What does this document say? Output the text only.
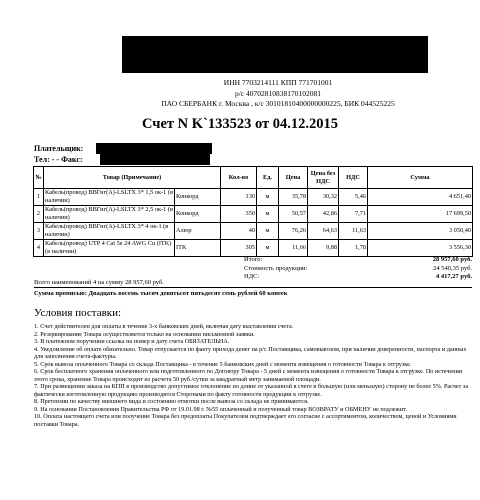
ИНН 7703214111 КПП 771701001
р/с 40702810838170102081
ПАО СБЕРБАНК г. Москва , к/с 30101810400000000225, БИК 044525225
Счет N K`133523 от 04.12.2015
Плательщик:
Тел: - - Факс:
№	Товар (Примечание)		Кол-во	Ед.	Цена	Цена без НДС	НДС	Сумма
1	Кабель(провод) ВВГнг(А)-LSLTX 3* 1,5 ок-1 (в наличии)	Конкорд	130	м	35,78	30,32	5,46	4 651,40
2	Кабель(провод) ВВГнг(А)-LSLTX 3* 2,5 ок-1 (в наличии)	Конкорд	350	м	50,57	42,86	7,71	17 699,50
3	Кабель(провод) ВВГнг(А)-LSLTX 3* 4 ок-1 (в наличии)	Алюр	40	м	76,26	64,63	11,63	3 050,40
4	Кабель(провод) UTP 4 Cat 5e 24 AWG Cu (ITK) (в наличии)	ITK	305	м	11,66	9,88	1,78	3 556,30
Итого:	28 957,60 руб.
Стоимость продукции:	24 540,35 руб.
НДС:	4 417,27 руб.
Всего наименований 4 на сумму 28 957,60 руб.
Сумма прописью: Двадцать восемь тысяч девятьсот пятьдесят семь рублей 60 копеек
Условия поставки:
1. Счет действителен для оплаты в течение 3-х банковских дней, включая дату выставления счета.
2. Резервирование Товара осуществляется только на основании письменной заявки.
3. В платежном поручении ссылка на номер и дату счета ОБЯЗАТЕЛЬНА.
4. Уведомление об оплате обязательно. Товар отпускается по факту прихода денег на р/с Поставщика, самовывозом, при наличии доверенности, паспорта и данных для заполнения счета-фактуры.
5. Срок вывоза оплаченного Товара со склада Поставщика - в течение 5 банковских дней с момента извещения о готовности Товара к отгрузке.
6. Срок бесплатного хранения оплаченного или подготовленного по Договору Товара - 5 дней с момента извещения о готовности Товара к отгрузке. По истечении этого срока, хранение Товара происходит из расчета 50 руб./сутки за квадратный метр занимаемой площади.
7. При размещении заказа на КПП в производство допустимое отклонение по длине от указанной в счете в большую (или меньшую) сторону не более 5%. Расчет за фактически изготовленную продукцию производится Сторонами по факту готовности продукции к отгрузке.
8. Претензии по качеству внешнего вида и состоянию отмотки после вывоза со склада не принимаются.
9. На основании Постановления Правительства РФ от 19.01.98 г. №55 оплаченный и полученный товар ВОЗВРАТУ и ОБМЕНУ не подлежит.
10. Оплата настоящего счета или получение Товара без предоплаты Покупателем подтверждает его согласие с ассортиментом, количеством, ценой и Условиями поставки Товара.
